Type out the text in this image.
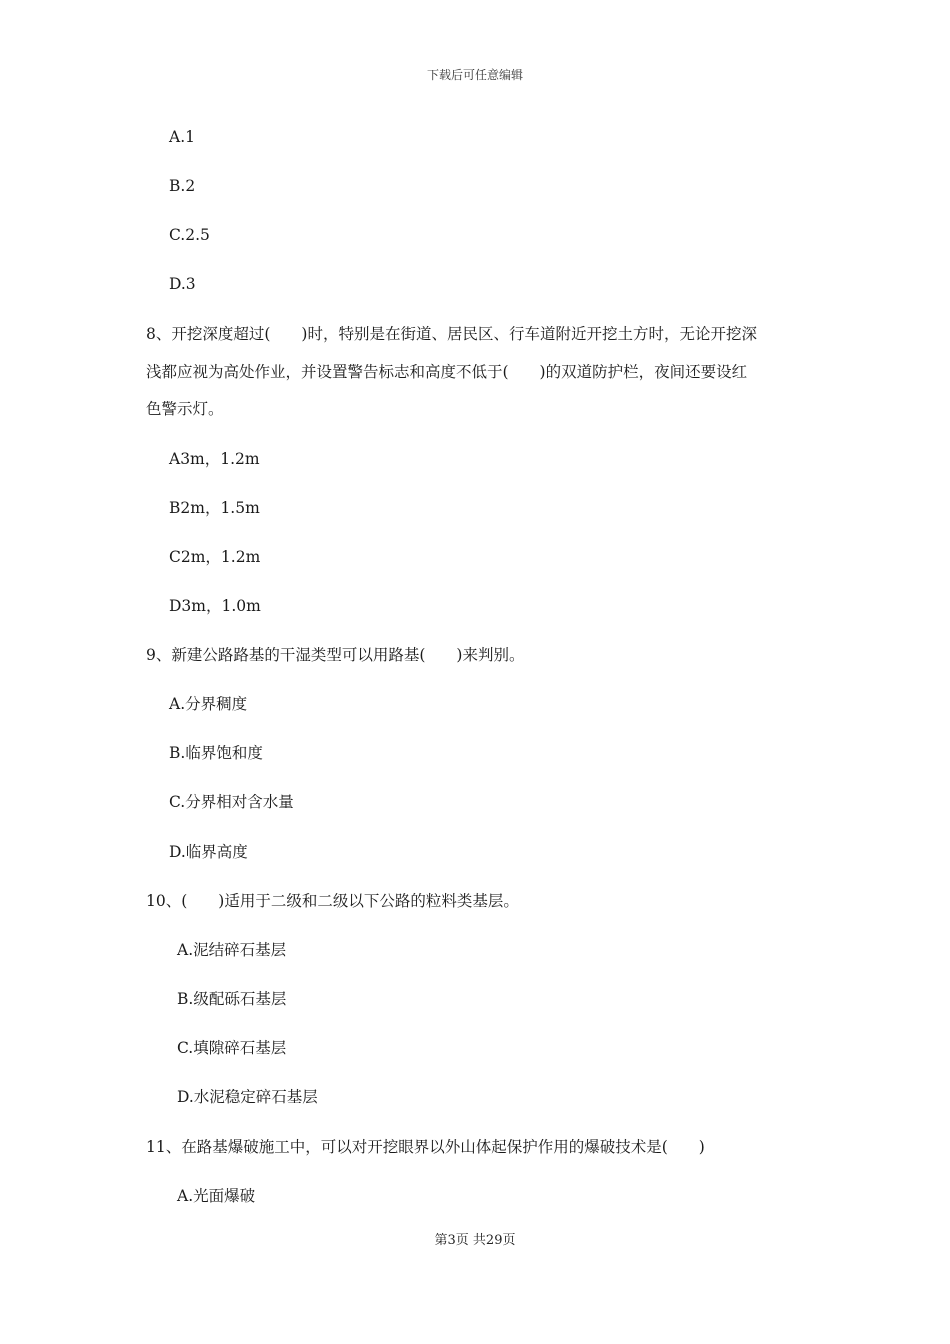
下载后可任意编辑
A.1
B.2
C.2.5
D.3
8、开挖深度超过(　　)时，特别是在街道、居民区、行车道附近开挖土方时，无论开挖深
浅都应视为高处作业，并设置警告标志和高度不低于(　　)的双道防护栏，夜间还要设红
色警示灯。
A3m，1.2m
B2m，1.5m
C2m，1.2m
D3m，1.0m
9、新建公路路基的干湿类型可以用路基(　　)来判别。
A.分界稠度
B.临界饱和度
C.分界相对含水量
D.临界高度
10、(　　)适用于二级和二级以下公路的粒料类基层。
A.泥结碎石基层
B.级配砾石基层
C.填隙碎石基层
D.水泥稳定碎石基层
11、在路基爆破施工中，可以对开挖眼界以外山体起保护作用的爆破技术是(　　)
A.光面爆破
第3页 共29页
